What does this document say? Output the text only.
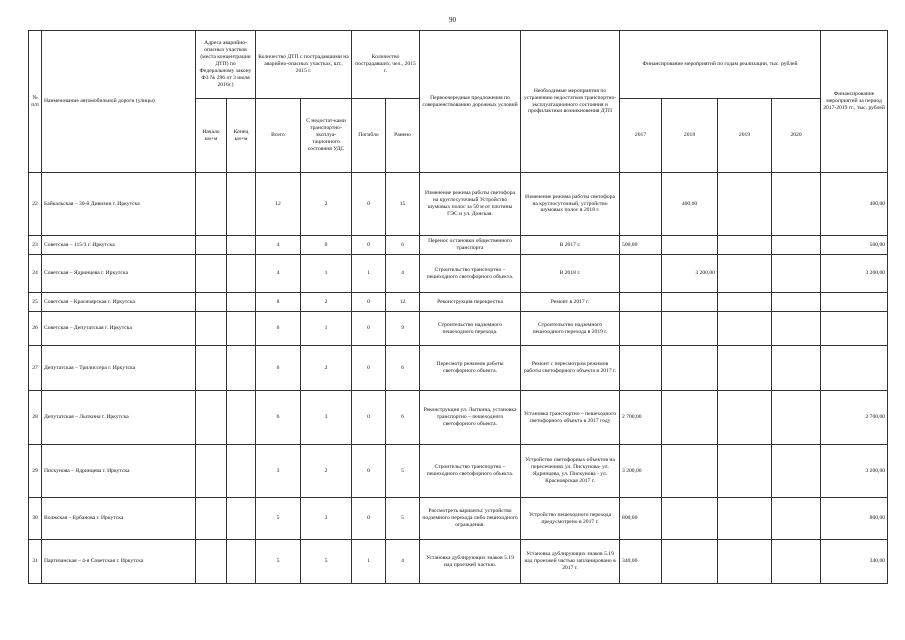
90
№ п/п	Наименование автомобильной дороги (улицы)	Адреса аварийно-опасных участков (места концентрации ДТП) по Федеральному закону ФЗ № 296 от 3 июля 2016г.)		Количество ДТП с пострадавшими на аварийно-опасных участках, шт., 2015 г.		Количество пострадавших, чел., 2015 г.		Первоочередные предложения по совершенствованию дорожных условий	Необходимые мероприятия по устранению недостатков транспортно-эксплуатационного состояния и профилактики возникновения ДТП	Финансирование мероприятий по годам реализации, тыс. рублей				Финансирование мероприятий за период 2017-2019 гг., тыс. рублей
		Начало км+м	Конец км+м	Всего	С недостат-ками транспортно-эксплуа-тационного состояния УДС	Погибло	Ранено			2017	2018	2019	2020	
22	Байкальская – 30-й Дивизии г. Иркутска			12	2	0	15	Изменение режима работы светофора на круглосуточный Устройство шумовых полос за 50 м от плотины ГЭС и ул. Донская.	Изменение режима работы светофора на круглосуточный, устройство шумовых полос в 2018 г.		400,00			400,00
23	Советская – 115/3 г. Иркутска			4	0	0	6	Перенос остановки общественного транспорта	В 2017 г.	500,00				500,00
24	Советская – Ядринцева г. Иркутска			4	1	1	4	Строительство транспортно – пешеходного светофорного объекта.	В 2018 г.		3 200,00			3 200,00
25	Советская – Красноярская г. Иркутска			8	2	0	12	Реконструкция перекрестка	Ремонт в 2017 г.					
26	Советская – Депутатская г. Иркутска			6	1	0	9	Строительство надземного пешеходного перехода.	Строительство надземного пешеходного перехода в 2019 г.					
27	Депутатская – Трилиссера г. Иркутска			6	2	0	6	Пересмотр режимов работы светофорного объекта.	Ремонт с пересмотром режимов работы светофорного объекта в 2017 г.					
28	Депутатская – Лыткина г. Иркутска			6	3	0	6	Реконструкция ул. Лыткина, установка транспортно – пешеходного светофорного объекта.	Установка транспортно – пешеходного светофорного объекта в 2017 году	2 700,00				2 700,00
29	Пискунова – Ядринцева г. Иркутска			3	2	0	5	Строительство транспортно – пешеходного светофорного объекта.	Устройство светофорных объектов на пересечениях ул. Пискунова- ул. Ядринцева, ул. Пискунова - ул. Красноярская 2017 г.	3 200,00				3 200,00
30	Волжская – Ербанова г. Иркутска			5	3	0	5	Рассмотреть варианты: устройство подземного перехода либо пешеходного ограждения.	Устройство пешеходного перехода предусмотрено в 2017 г.	800,00				800,00
31	Партизанская – 4-я Советская г. Иркутска			5	5	1	4	Установка дублирующих знаков 5.19 над проезжей частью.	Установка дублирующих знаков 5.19 над проезжей частью запланировано в 2017 г.	340,00				340,00
